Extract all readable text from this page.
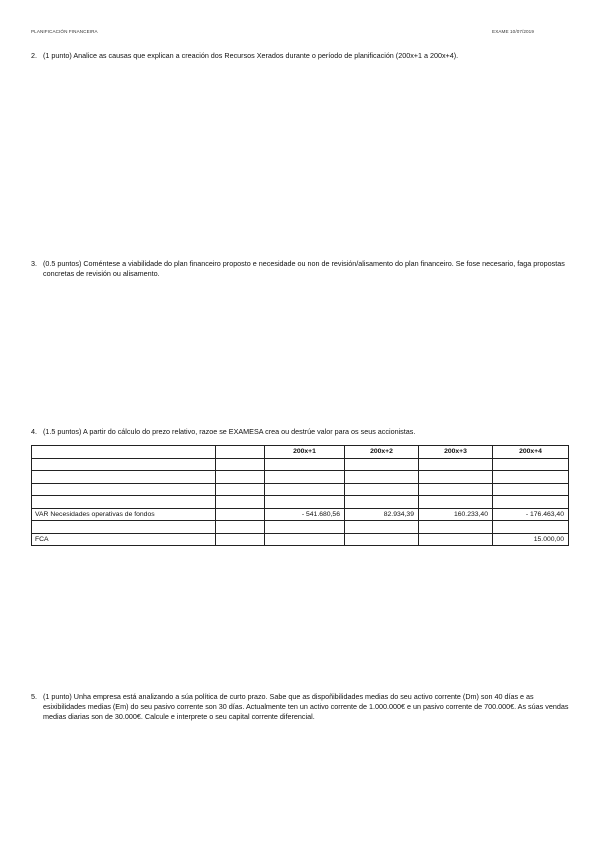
PLANIFICACIÓN FINANCEIRA	EXAME 10/07/2019
2. (1 punto) Analice as causas que explican a creación dos Recursos Xerados durante o período de planificación (200x+1 a 200x+4).
3. (0.5 puntos) Coméntese a viabilidade do plan financeiro proposto e necesidade ou non de revisión/alisamento do plan financeiro. Se fose necesario, faga propostas concretas de revisión ou alisamento.
4. (1.5 puntos) A partir do cálculo do prezo relativo, razoe se EXAMESA crea ou destrúe valor para os seus accionistas.
		200x+1	200x+2	200x+3	200x+4

VAR Necesidades operativas de fondos		- 541.680,56	82.934,39	160.233,40	- 176.463,40

FCA					15.000,00
5. (1 punto) Unha empresa está analizando a súa política de curto prazo. Sabe que as dispoñibilidades medias do seu activo corrente (Dm) son 40 días e as esixibilidades medias (Em) do seu pasivo corrente son 30 días. Actualmente ten un activo corrente de 1.000.000€ e un pasivo corrente de 700.000€. As súas vendas medias diarias son de 30.000€. Calcule e interprete o seu capital corrente diferencial.
